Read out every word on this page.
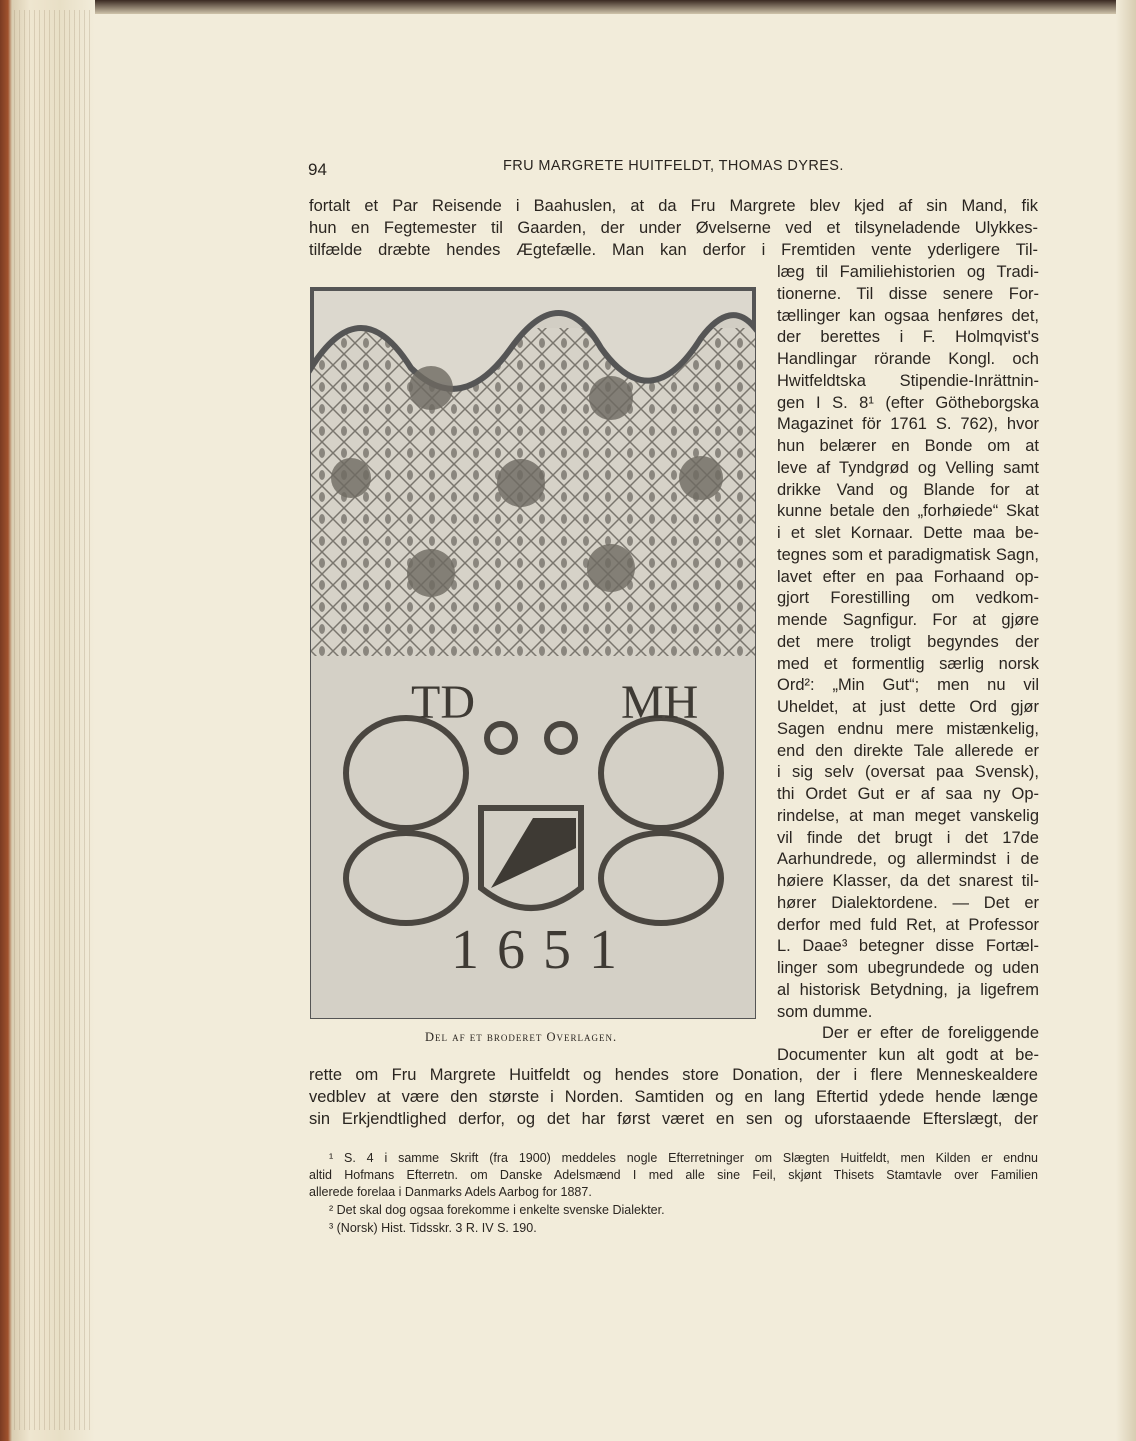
94	FRU MARGRETE HUITFELDT, THOMAS DYRES.
fortalt et Par Reisende i Baahuslen, at da Fru Margrete blev kjed af sin Mand, fik
hun en Fegtemester til Gaarden, der under Øvelserne ved et tilsyneladende Ulykkes-
tilfælde dræbte hendes Ægtefælle. Man kan derfor i Fremtiden vente yderligere Til-
læg til Familiehistorien og Tradi-
tionerne. Til disse senere For-
tællinger kan ogsaa henføres det,
der berettes i F. Holmqvist's
Handlingar rörande Kongl. och
Hwitfeldtska Stipendie-Inrättnin-
gen I S. 8¹ (efter Götheborgska
Magazinet för 1761 S. 762), hvor
hun belærer en Bonde om at
leve af Tyndgrød og Velling samt
drikke Vand og Blande for at
kunne betale den „forhøiede“ Skat
i et slet Kornaar. Dette maa be-
tegnes som et paradigmatisk Sagn,
lavet efter en paa Forhaand op-
gjort Forestilling om vedkom-
mende Sagnfigur. For at gjøre
det mere troligt begyndes der
med et formentlig særlig norsk
Ord²: „Min Gut“; men nu vil
Uheldet, at just dette Ord gjør
Sagen endnu mere mistænkelig,
end den direkte Tale allerede er
i sig selv (oversat paa Svensk),
thi Ordet Gut er af saa ny Op-
rindelse, at man meget vanskelig
vil finde det brugt i det 17de
Aarhundrede, og allermindst i de
høiere Klasser, da det snarest til-
hører Dialektordene. — Det er
derfor med fuld Ret, at Professor
L. Daae³ betegner disse Fortæl-
linger som ubegrundede og uden
al historisk Betydning, ja ligefrem
som dumme.
Der er efter de foreliggende
Documenter kun alt godt at be-
TD	MH
1651
Del af et broderet Overlagen.
rette om Fru Margrete Huitfeldt og hendes store Donation, der i flere Menneskealdere
vedblev at være den største i Norden. Samtiden og en lang Eftertid ydede hende længe
sin Erkjendtlighed derfor, og det har først været en sen og uforstaaende Efterslægt, der
¹ S. 4 i samme Skrift (fra 1900) meddeles nogle Efterretninger om Slægten Huitfeldt, men Kilden er endnu
altid Hofmans Efterretn. om Danske Adelsmænd I med alle sine Feil, skjønt Thisets Stamtavle over Familien
allerede forelaa i Danmarks Adels Aarbog for 1887.
² Det skal dog ogsaa forekomme i enkelte svenske Dialekter.
³ (Norsk) Hist. Tidsskr. 3 R. IV S. 190.
